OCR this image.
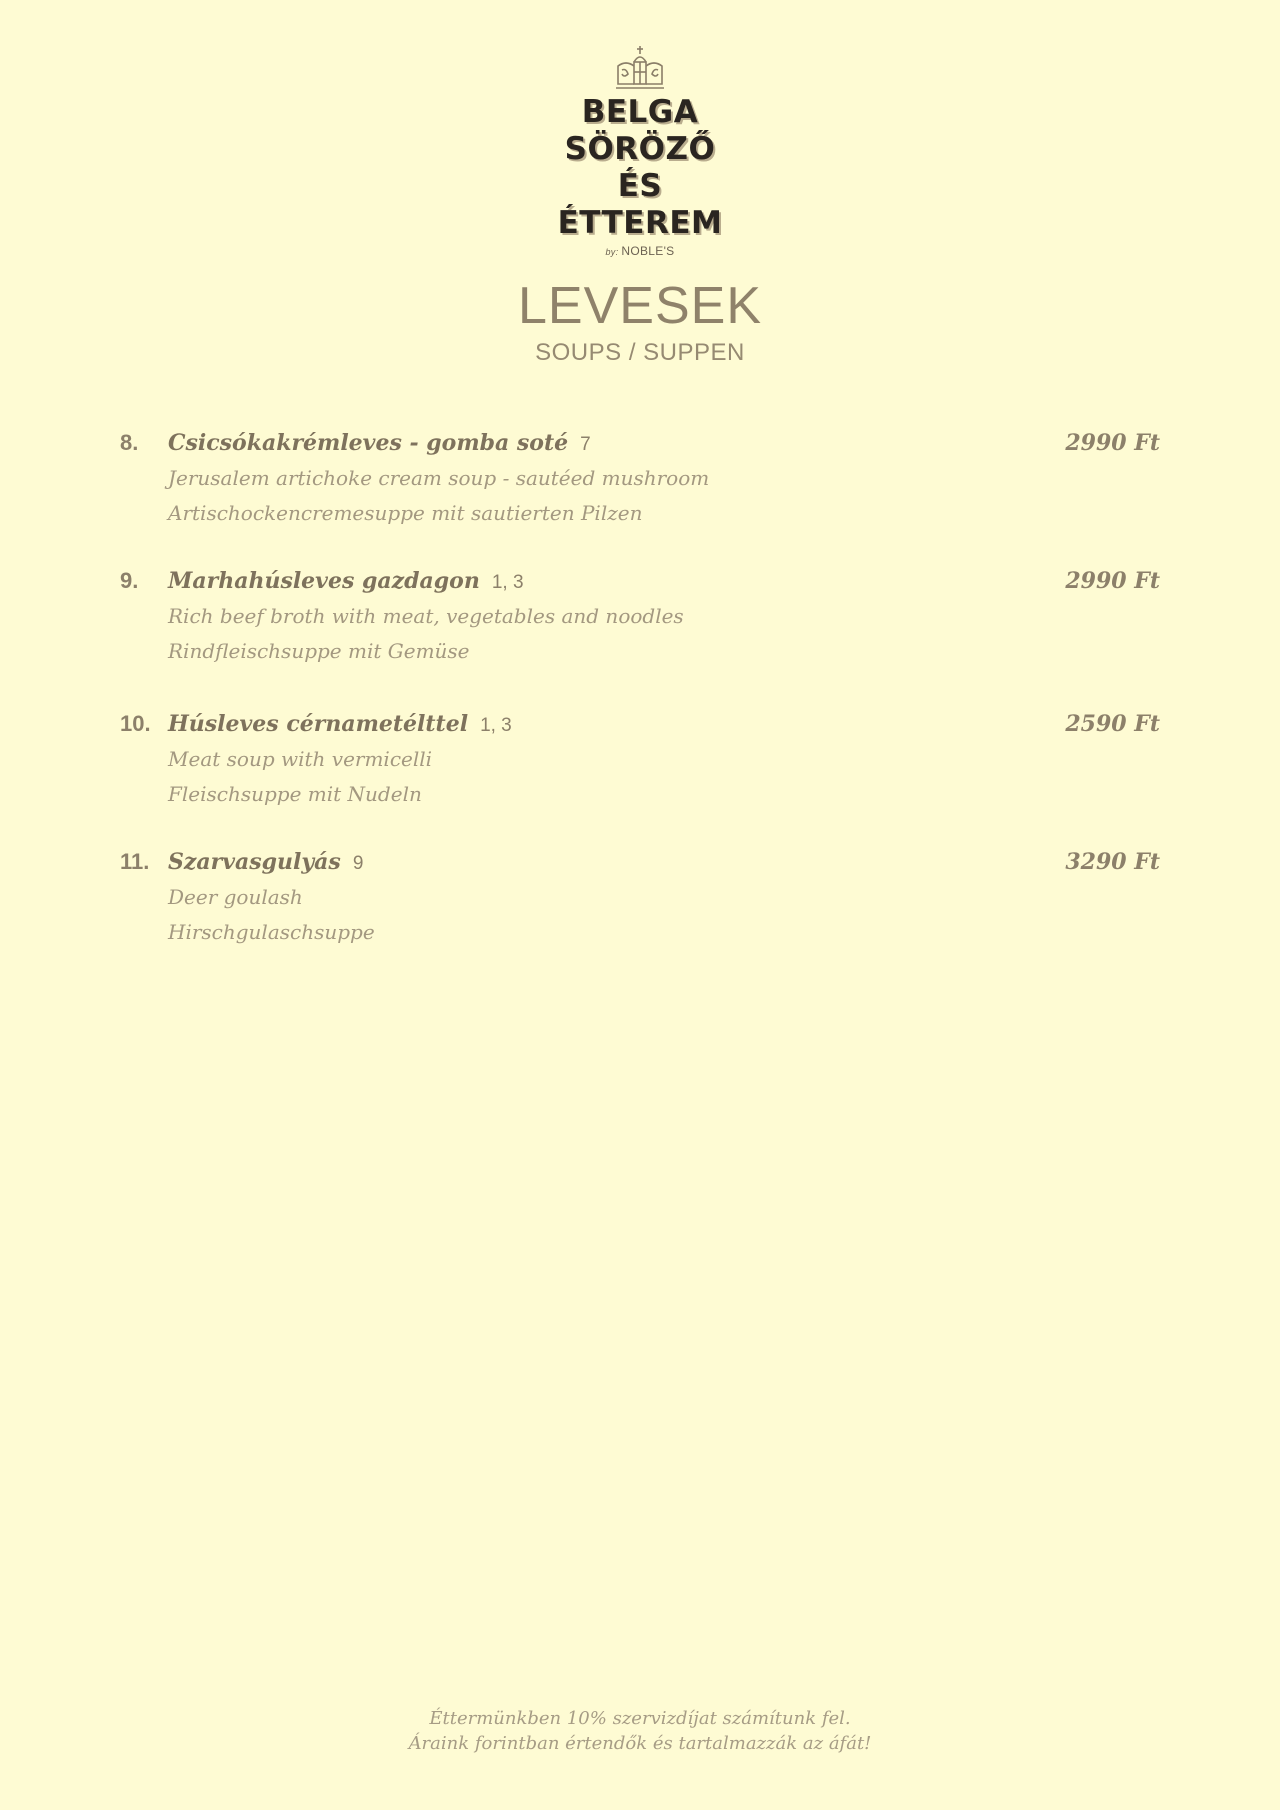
BELGA
SÖRÖZŐ ÉS
ÉTTEREM
by: NOBLE'S
LEVESEK
SOUPS / SUPPEN
8. Csicsókakrémleves - gomba soté 7	2990 Ft
Jerusalem artichoke cream soup - sautéed mushroom
Artischockencremesuppe mit sautierten Pilzen
9. Marhahúsleves gazdagon 1, 3	2990 Ft
Rich beef broth with meat, vegetables and noodles
Rindfleischsuppe mit Gemüse
10. Húsleves cérnametélttel 1, 3	2590 Ft
Meat soup with vermicelli
Fleischsuppe mit Nudeln
11. Szarvasgulyás 9	3290 Ft
Deer goulash
Hirschgulaschsuppe
Éttermünkben 10% szervizdíjat számítunk fel.
Áraink forintban értendők és tartalmazzák az áfát!
